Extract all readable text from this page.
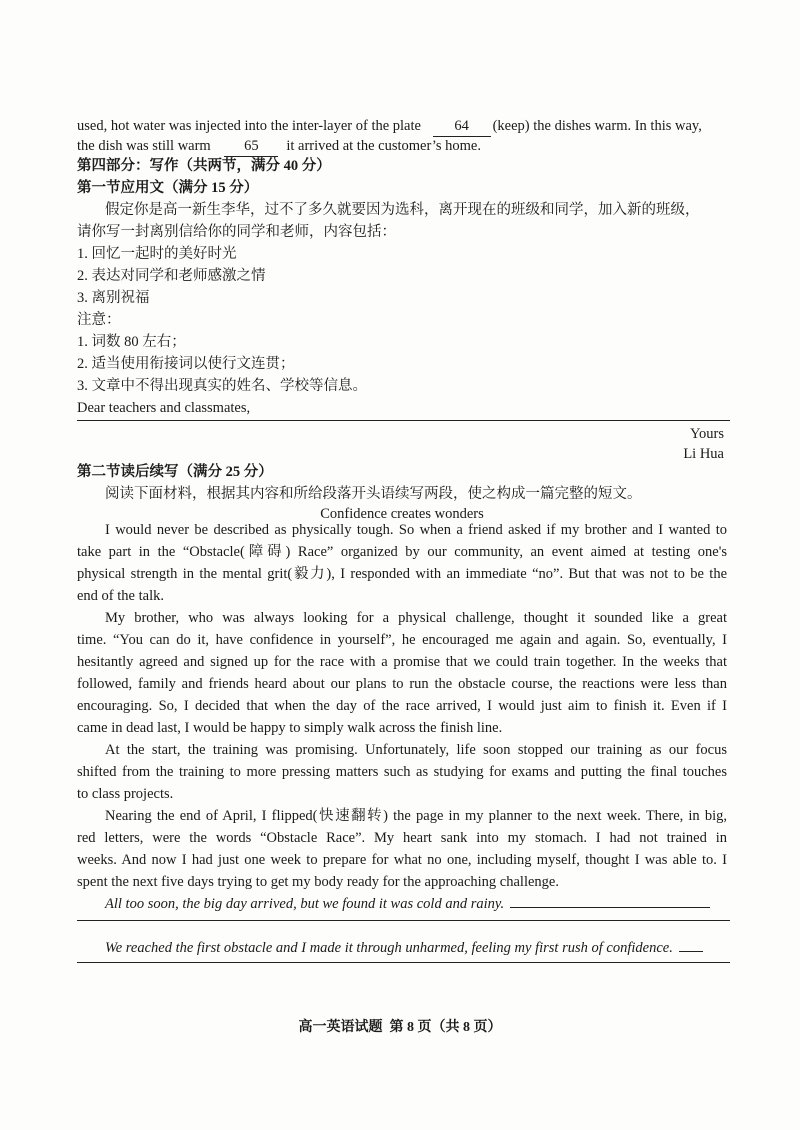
used, hot water was injected into the inter-layer of the plate 64 (keep) the dishes warm. In this way,
the dish was still warm 65 it arrived at the customer’s home.
第四部分：写作（共两节，满分 40 分）
第一节应用文（满分 15 分）
假定你是高一新生李华，过不了多久就要因为选科，离开现在的班级和同学，加入新的班级，
请你写一封离别信给你的同学和老师，内容包括：
1. 回忆一起时的美好时光
2. 表达对同学和老师感激之情
3. 离别祝福
注意：
1. 词数 80 左右；
2. 适当使用衔接词以使行文连贯；
3. 文章中不得出现真实的姓名、学校等信息。
Dear teachers and classmates,
Yours
Li Hua
第二节读后续写（满分 25 分）
阅读下面材料，根据其内容和所给段落开头语续写两段，使之构成一篇完整的短文。
Confidence creates wonders
I would never be described as physically tough. So when a friend asked if my brother and I wanted to
take part in the “Obstacle(障碍) Race” organized by our community, an event aimed at testing one's
physical strength in the mental grit(毅力), I responded with an immediate “no”. But that was not to be the
end of the talk.
My brother, who was always looking for a physical challenge, thought it sounded like a great
time. “You can do it, have confidence in yourself”, he encouraged me again and again. So, eventually, I
hesitantly agreed and signed up for the race with a promise that we could train together. In the weeks that
followed, family and friends heard about our plans to run the obstacle course, the reactions were less than
encouraging. So, I decided that when the day of the race arrived, I would just aim to finish it. Even if I
came in dead last, I would be happy to simply walk across the finish line.
At the start, the training was promising. Unfortunately, life soon stopped our training as our focus
shifted from the training to more pressing matters such as studying for exams and putting the final touches
to class projects.
Nearing the end of April, I flipped(快速翻转) the page in my planner to the next week. There, in big,
red letters, were the words “Obstacle Race”. My heart sank into my stomach. I had not trained in
weeks. And now I had just one week to prepare for what no one, including myself, thought I was able to. I
spent the next five days trying to get my body ready for the approaching challenge.
All too soon, the big day arrived, but we found it was cold and rainy.
We reached the first obstacle and I made it through unharmed, feeling my first rush of confidence.
高一英语试题  第 8 页（共 8 页）
